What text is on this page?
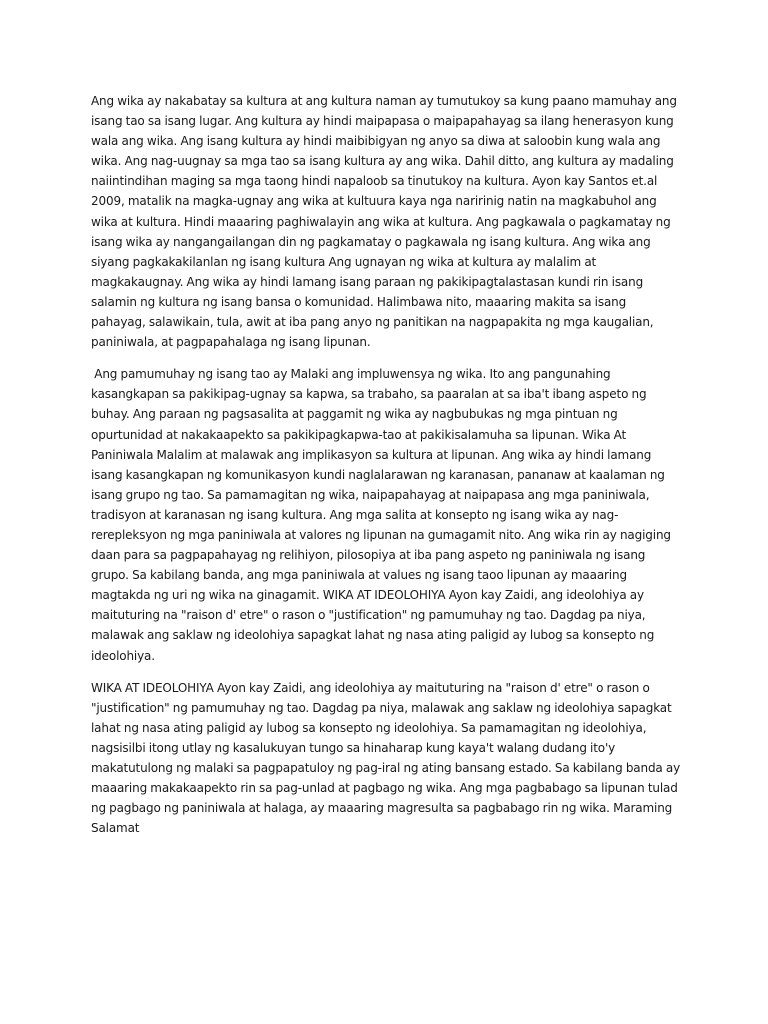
Ang wika ay nakabatay sa kultura at ang kultura naman ay tumutukoy sa kung paano mamuhay ang isang tao sa isang lugar. Ang kultura ay hindi maipapasa o maipapahayag sa ilang henerasyon kung wala ang wika. Ang isang kultura ay hindi maibibigyan ng anyo sa diwa at saloobin kung wala ang wika. Ang nag-uugnay sa mga tao sa isang kultura ay ang wika. Dahil ditto, ang kultura ay madaling naiintindihan maging sa mga taong hindi napaloob sa tinutukoy na kultura. Ayon kay Santos et.al 2009, matalik na magka-ugnay ang wika at kultuura kaya nga naririnig natin na magkabuhol ang wika at kultura. Hindi maaaring paghiwalayin ang wika at kultura. Ang pagkawala o pagkamatay ng isang wika ay nangangailangan din ng pagkamatay o pagkawala ng isang kultura. Ang wika ang siyang pagkakakilanlan ng isang kultura Ang ugnayan ng wika at kultura ay malalim at magkakaugnay. Ang wika ay hindi lamang isang paraan ng pakikipagtalastasan kundi rin isang salamin ng kultura ng isang bansa o komunidad. Halimbawa nito, maaaring makita sa isang pahayag, salawikain, tula, awit at iba pang anyo ng panitikan na nagpapakita ng mga kaugalian, paniniwala, at pagpapahalaga ng isang lipunan.

Ang pamumuhay ng isang tao ay Malaki ang impluwensya ng wika. Ito ang pangunahing kasangkapan sa pakikipag-ugnay sa kapwa, sa trabaho, sa paaralan at sa iba't ibang aspeto ng buhay. Ang paraan ng pagsasalita at paggamit ng wika ay nagbubukas ng mga pintuan ng opurtunidad at nakakaapekto sa pakikipagkapwa-tao at pakikisalamuha sa lipunan. Wika At Paniniwala Malalim at malawak ang implikasyon sa kultura at lipunan. Ang wika ay hindi lamang isang kasangkapan ng komunikasyon kundi naglalarawan ng karanasan, pananaw at kaalaman ng isang grupo ng tao. Sa pamamagitan ng wika, naipapahayag at naipapasa ang mga paniniwala, tradisyon at karanasan ng isang kultura. Ang mga salita at konsepto ng isang wika ay nag-rerepleksyon ng mga paniniwala at valores ng lipunan na gumagamit nito. Ang wika rin ay nagiging daan para sa pagpapahayag ng relihiyon, pilosopiya at iba pang aspeto ng paniniwala ng isang grupo. Sa kabilang banda, ang mga paniniwala at values ng isang taoo lipunan ay maaaring magtakda ng uri ng wika na ginagamit. WIKA AT IDEOLOHIYA Ayon kay Zaidi, ang ideolohiya ay maituturing na "raison d' etre" o rason o "justification" ng pamumuhay ng tao. Dagdag pa niya, malawak ang saklaw ng ideolohiya sapagkat lahat ng nasa ating paligid ay lubog sa konsepto ng ideolohiya.

WIKA AT IDEOLOHIYA Ayon kay Zaidi, ang ideolohiya ay maituturing na "raison d' etre" o rason o "justification" ng pamumuhay ng tao. Dagdag pa niya, malawak ang saklaw ng ideolohiya sapagkat lahat ng nasa ating paligid ay lubog sa konsepto ng ideolohiya. Sa pamamagitan ng ideolohiya, nagsisilbi itong utlay ng kasalukuyan tungo sa hinaharap kung kaya't walang dudang ito'y makatutulong ng malaki sa pagpapatuloy ng pag-iral ng ating bansang estado. Sa kabilang banda ay maaaring makakaapekto rin sa pag-unlad at pagbago ng wika. Ang mga pagbabago sa lipunan tulad ng pagbago ng paniniwala at halaga, ay maaaring magresulta sa pagbabago rin ng wika. Maraming Salamat
